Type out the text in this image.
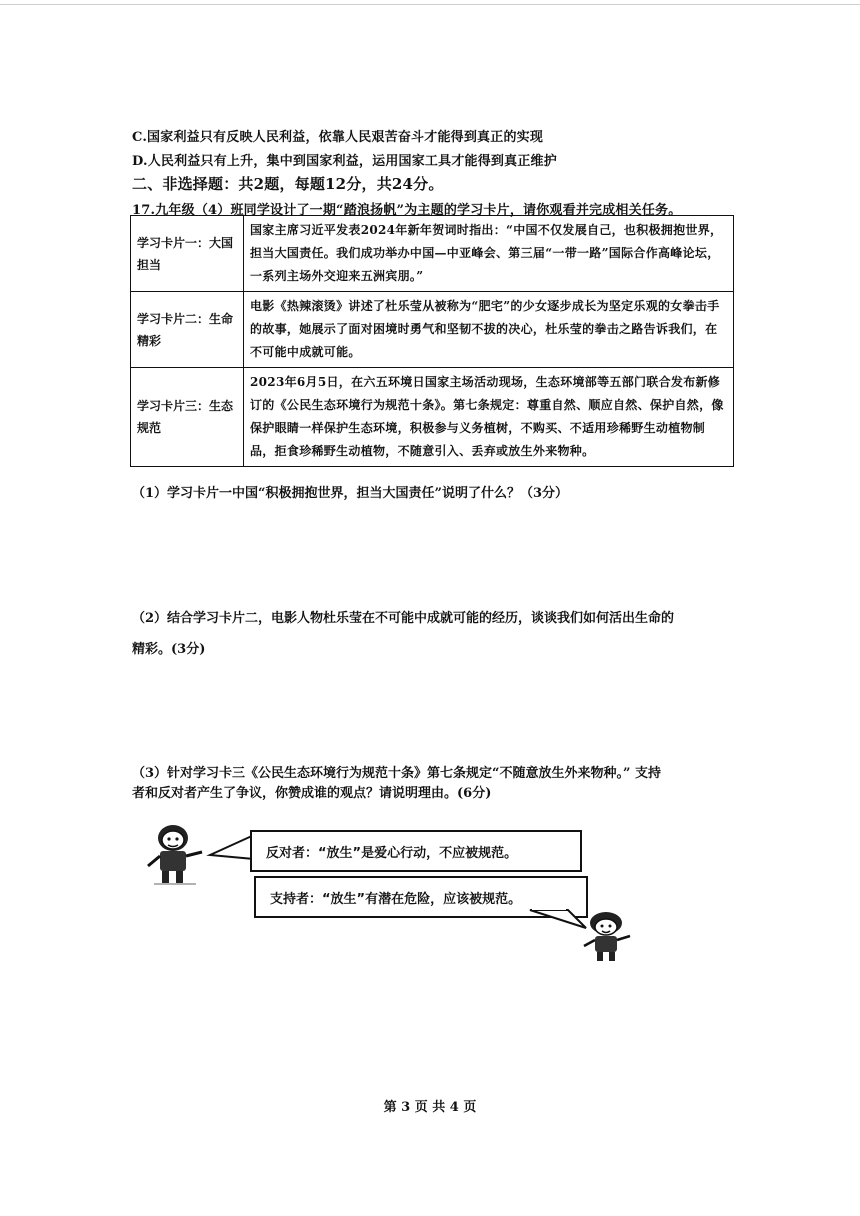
C.国家利益只有反映人民利益，依靠人民艰苦奋斗才能得到真正的实现
D.人民利益只有上升，集中到国家利益，运用国家工具才能得到真正维护
二、非选择题：共2题，每题12分，共24分。
17.九年级（4）班同学设计了一期“踏浪扬帆”为主题的学习卡片，请你观看并完成相关任务。
学习卡片一：大国担当	国家主席习近平发表2024年新年贺词时指出：“中国不仅发展自己，也积极拥抱世界，担当大国责任。我们成功举办中国—中亚峰会、第三届“一带一路”国际合作高峰论坛，一系列主场外交迎来五洲宾朋。”
学习卡片二：生命精彩	电影《热辣滚烫》讲述了杜乐莹从被称为“肥宅”的少女逐步成长为坚定乐观的女拳击手的故事，她展示了面对困境时勇气和坚韧不拔的决心，杜乐莹的拳击之路告诉我们，在不可能中成就可能。
学习卡片三：生态规范	2023年6月5日，在六五环境日国家主场活动现场，生态环境部等五部门联合发布新修订的《公民生态环境行为规范十条》。第七条规定：尊重自然、顺应自然、保护自然，像保护眼睛一样保护生态环境，积极参与义务植树，不购买、不适用珍稀野生动植物制品，拒食珍稀野生动植物，不随意引入、丢弃或放生外来物种。
（1）学习卡片一中国“积极拥抱世界，担当大国责任”说明了什么？（3分）
（2）结合学习卡片二，电影人物杜乐莹在不可能中成就可能的经历，谈谈我们如何活出生命的
精彩。(3分)
（3）针对学习卡三《公民生态环境行为规范十条》第七条规定“不随意放生外来物种。” 支持
者和反对者产生了争议，你赞成谁的观点？请说明理由。(6分)
反对者：“放生”是爱心行动，不应被规范。
支持者：“放生”有潜在危险，应该被规范。
第 3 页 共 4 页
